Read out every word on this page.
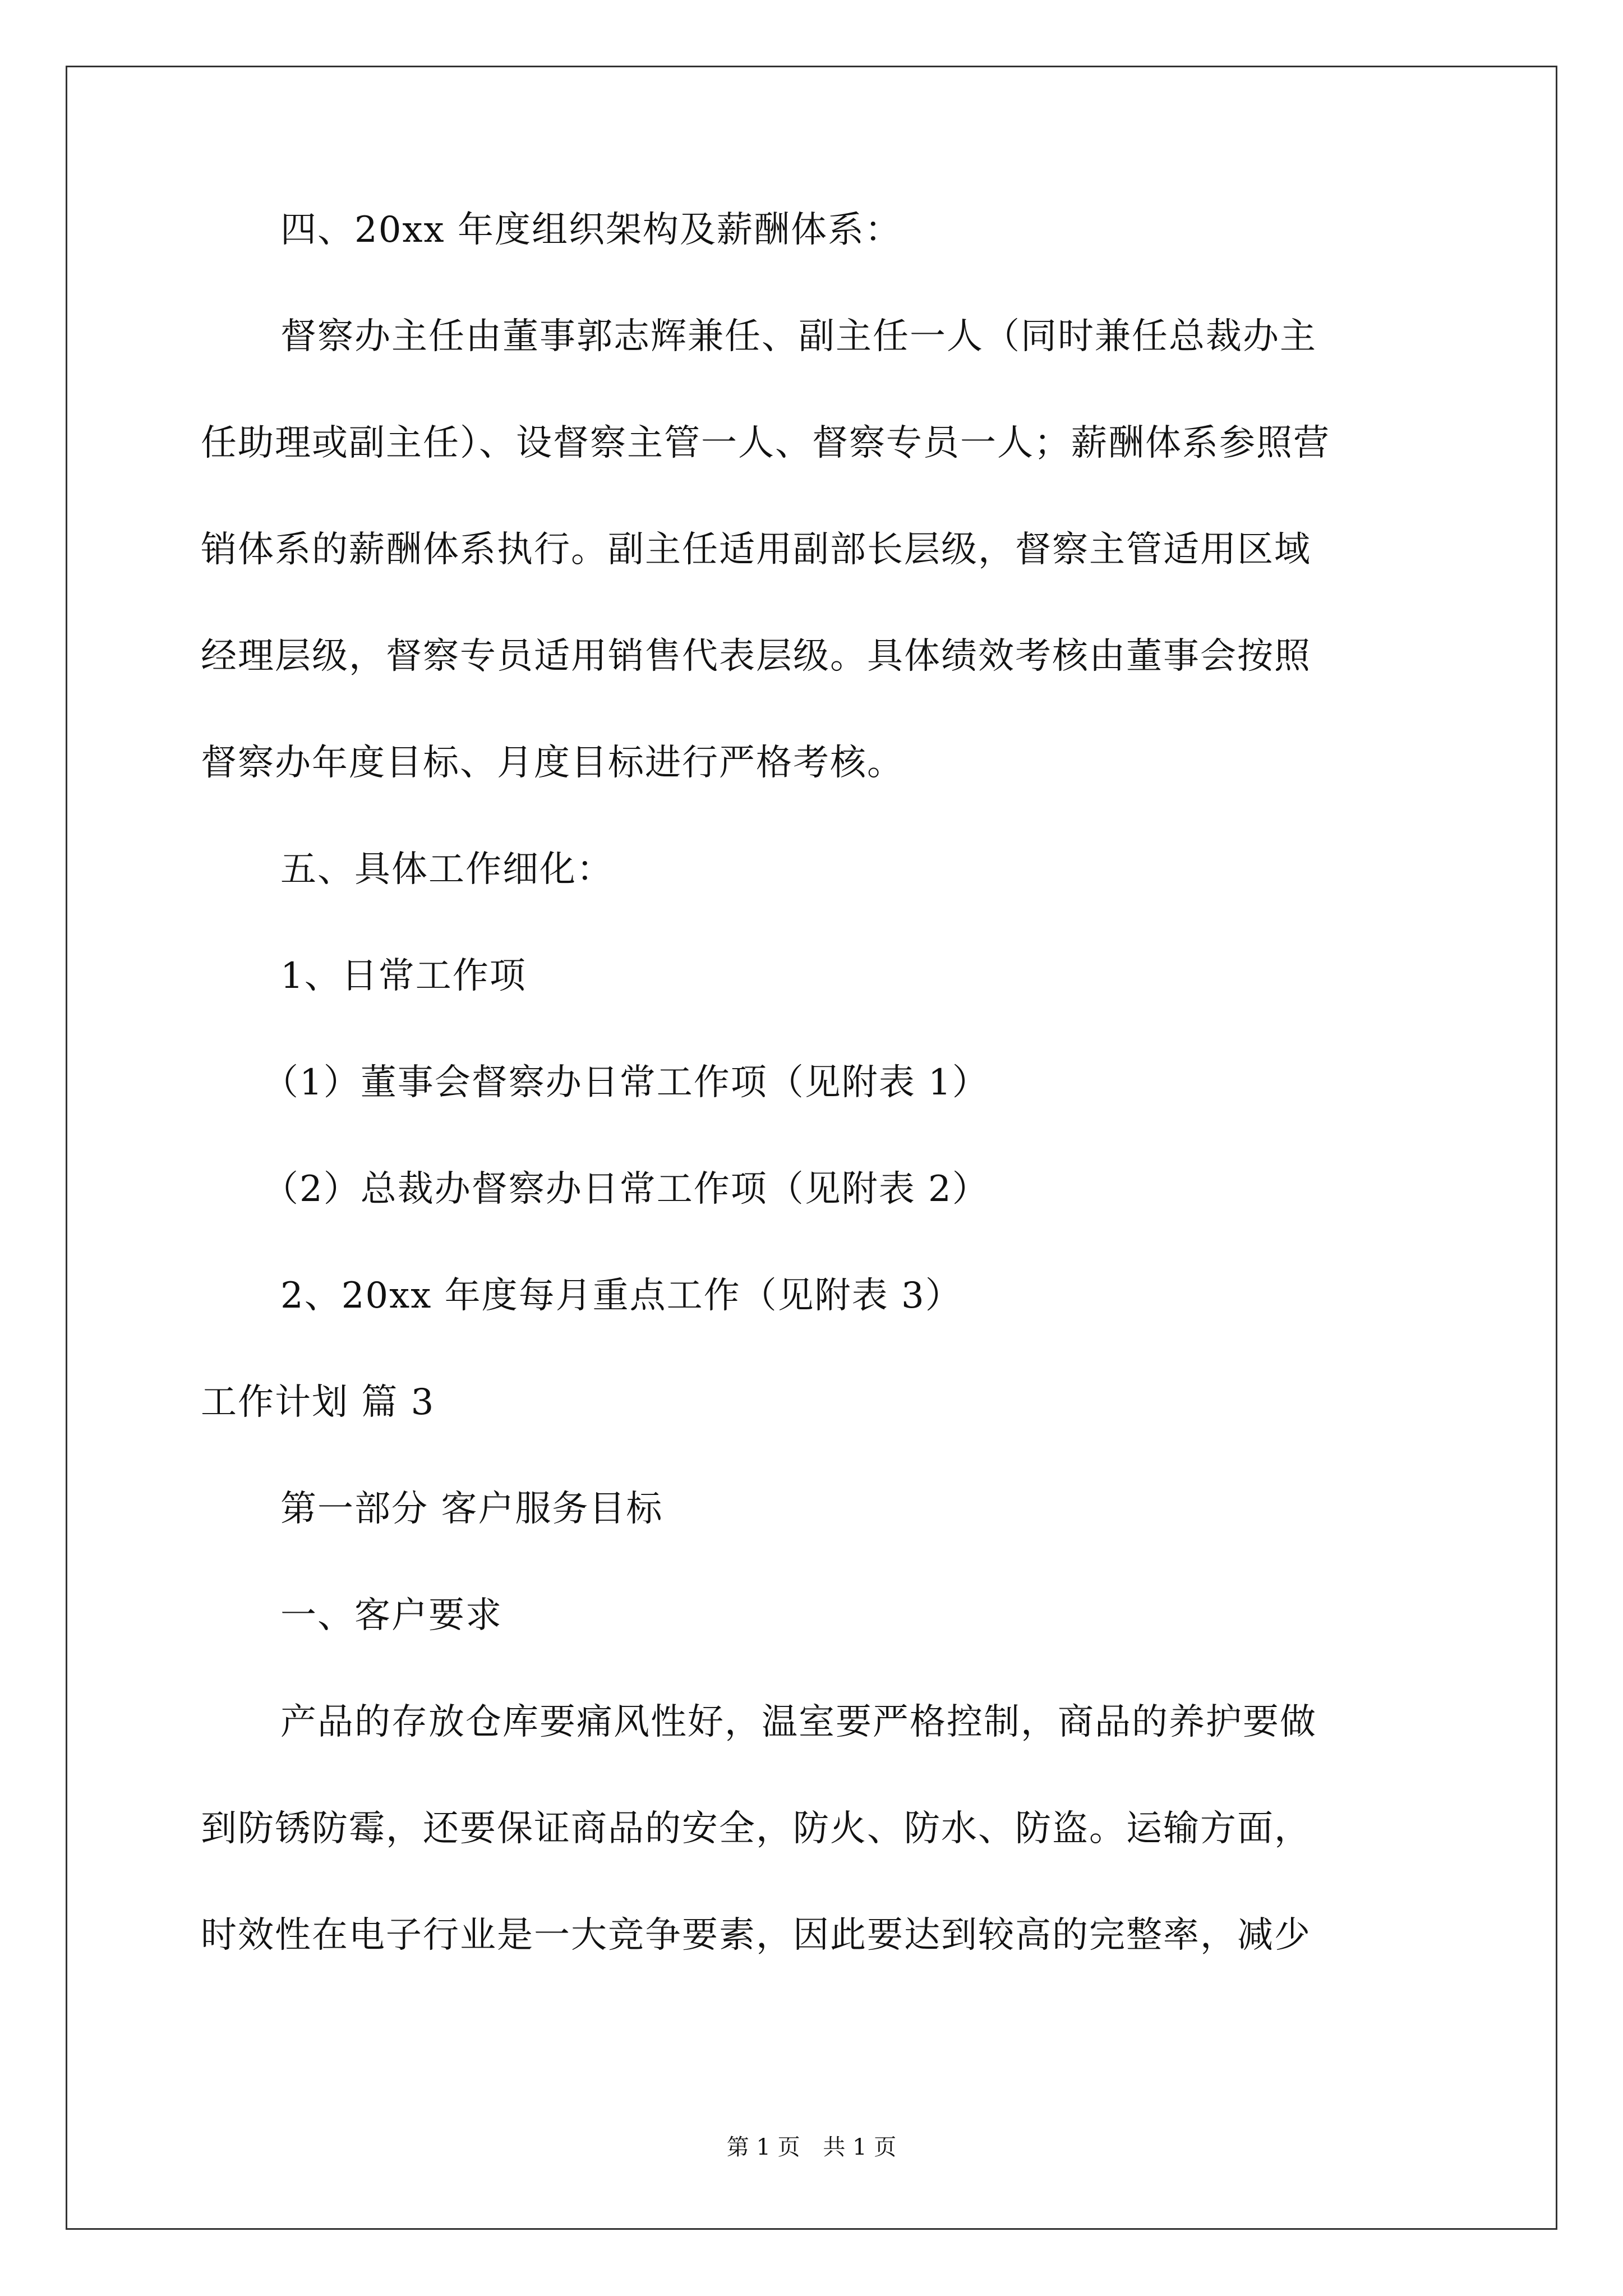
四、20xx 年度组织架构及薪酬体系：
督察办主任由董事郭志辉兼任、副主任一人（同时兼任总裁办主
任助理或副主任）、设督察主管一人、督察专员一人；薪酬体系参照营
销体系的薪酬体系执行。副主任适用副部长层级，督察主管适用区域
经理层级，督察专员适用销售代表层级。具体绩效考核由董事会按照
督察办年度目标、月度目标进行严格考核。
五、具体工作细化：
1、日常工作项
（1）董事会督察办日常工作项（见附表 1）
（2）总裁办督察办日常工作项（见附表 2）
2、20xx 年度每月重点工作（见附表 3）
工作计划 篇 3
第一部分 客户服务目标
一、客户要求
产品的存放仓库要痛风性好，温室要严格控制，商品的养护要做
到防锈防霉，还要保证商品的安全，防火、防水、防盗。运输方面，
时效性在电子行业是一大竞争要素，因此要达到较高的完整率，减少
第 1 页 共 1 页
